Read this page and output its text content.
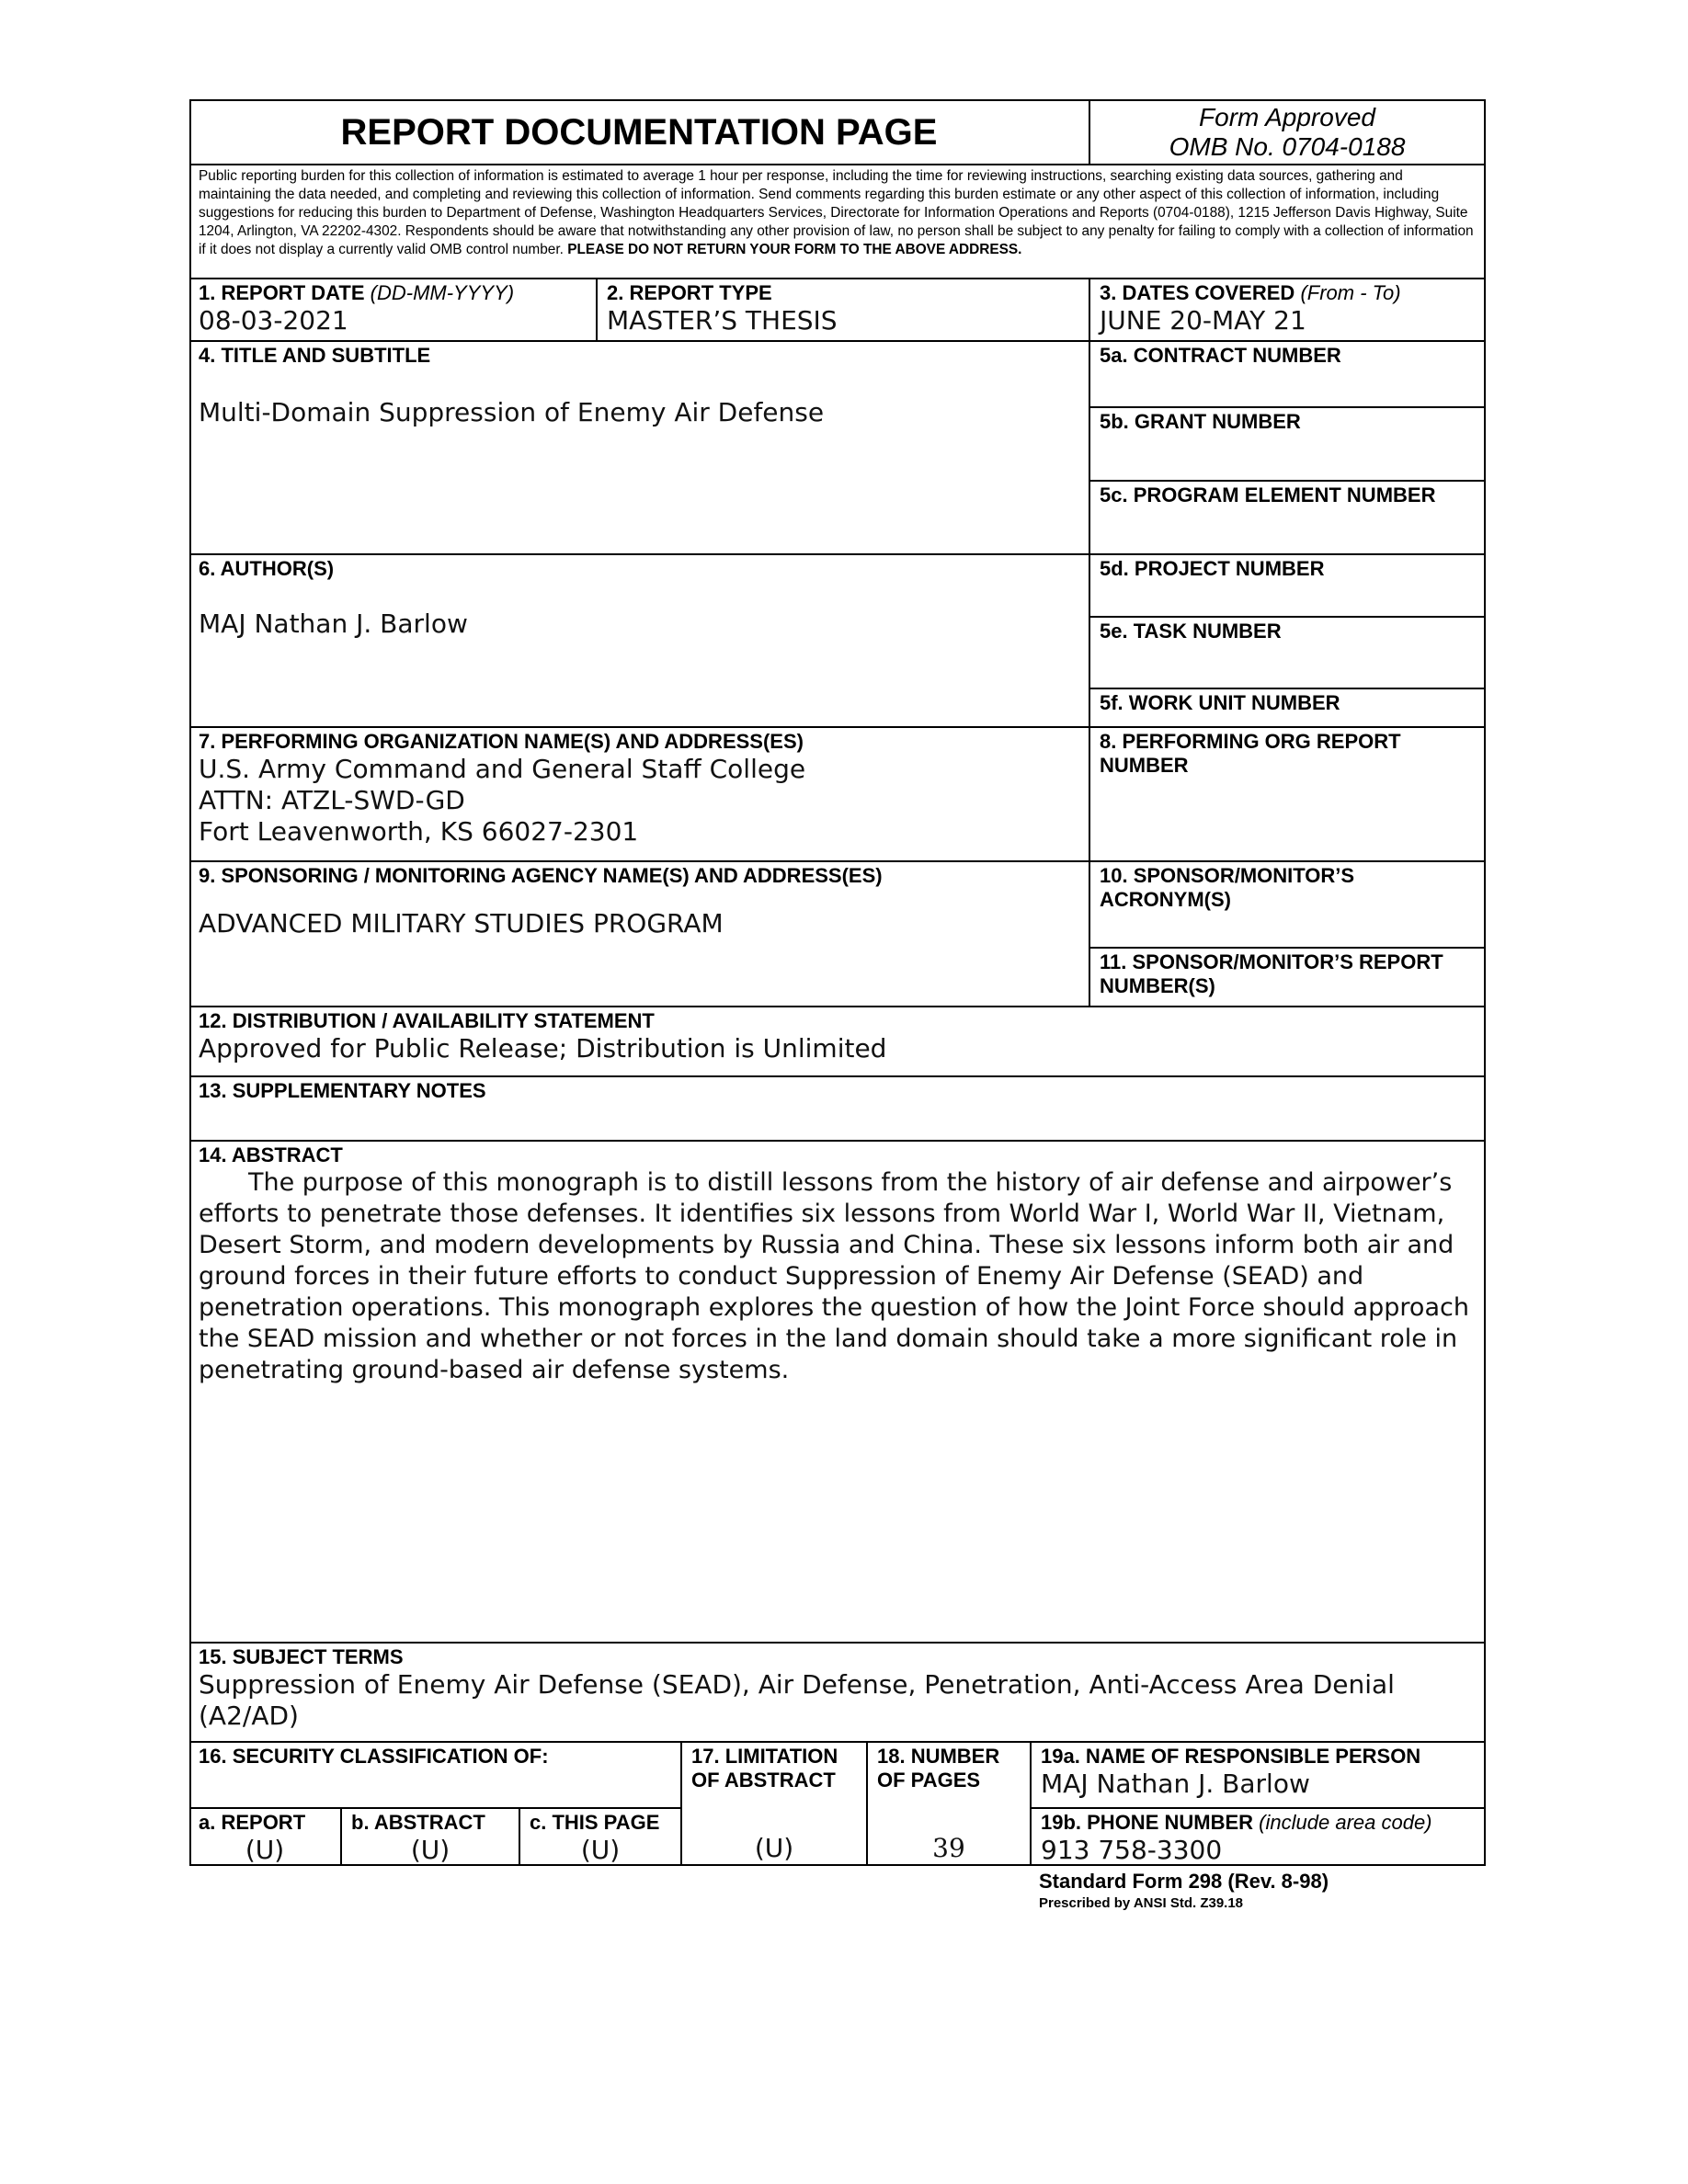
REPORT DOCUMENTATION PAGE	Form Approved
OMB No. 0704-0188
Public reporting burden for this collection of information is estimated to average 1 hour per response, including the time for reviewing instructions, searching existing data sources, gathering and maintaining the data needed, and completing and reviewing this collection of information. Send comments regarding this burden estimate or any other aspect of this collection of information, including suggestions for reducing this burden to Department of Defense, Washington Headquarters Services, Directorate for Information Operations and Reports (0704-0188), 1215 Jefferson Davis Highway, Suite 1204, Arlington, VA 22202-4302. Respondents should be aware that notwithstanding any other provision of law, no person shall be subject to any penalty for failing to comply with a collection of information if it does not display a currently valid OMB control number. PLEASE DO NOT RETURN YOUR FORM TO THE ABOVE ADDRESS.
1. REPORT DATE (DD-MM-YYYY)
08-03-2021
2. REPORT TYPE
MASTER’S THESIS
3. DATES COVERED (From - To)
JUNE 20-MAY 21
4. TITLE AND SUBTITLE
Multi-Domain Suppression of Enemy Air Defense
5a. CONTRACT NUMBER
5b. GRANT NUMBER
5c. PROGRAM ELEMENT NUMBER
6. AUTHOR(S)
MAJ Nathan J. Barlow
5d. PROJECT NUMBER
5e. TASK NUMBER
5f. WORK UNIT NUMBER
7. PERFORMING ORGANIZATION NAME(S) AND ADDRESS(ES)
U.S. Army Command and General Staff College
ATTN: ATZL-SWD-GD
Fort Leavenworth, KS 66027-2301
8. PERFORMING ORG REPORT
NUMBER
9. SPONSORING / MONITORING AGENCY NAME(S) AND ADDRESS(ES)
ADVANCED MILITARY STUDIES PROGRAM
10. SPONSOR/MONITOR’S
ACRONYM(S)
11. SPONSOR/MONITOR’S REPORT
NUMBER(S)
12. DISTRIBUTION / AVAILABILITY STATEMENT
Approved for Public Release; Distribution is Unlimited
13. SUPPLEMENTARY NOTES
14. ABSTRACT
The purpose of this monograph is to distill lessons from the history of air defense and airpower’s efforts to penetrate those defenses. It identifies six lessons from World War I, World War II, Vietnam, Desert Storm, and modern developments by Russia and China. These six lessons inform both air and ground forces in their future efforts to conduct Suppression of Enemy Air Defense (SEAD) and penetration operations. This monograph explores the question of how the Joint Force should approach the SEAD mission and whether or not forces in the land domain should take a more significant role in penetrating ground-based air defense systems.
15. SUBJECT TERMS
Suppression of Enemy Air Defense (SEAD), Air Defense, Penetration, Anti-Access Area Denial (A2/AD)
16. SECURITY CLASSIFICATION OF:	17. LIMITATION
OF ABSTRACT
(U)
18. NUMBER
OF PAGES
39
19a. NAME OF RESPONSIBLE PERSON
MAJ Nathan J. Barlow
a. REPORT
(U)
b. ABSTRACT
(U)
c. THIS PAGE
(U)
19b. PHONE NUMBER (include area code)
913 758-3300
Standard Form 298 (Rev. 8-98)
Prescribed by ANSI Std. Z39.18
